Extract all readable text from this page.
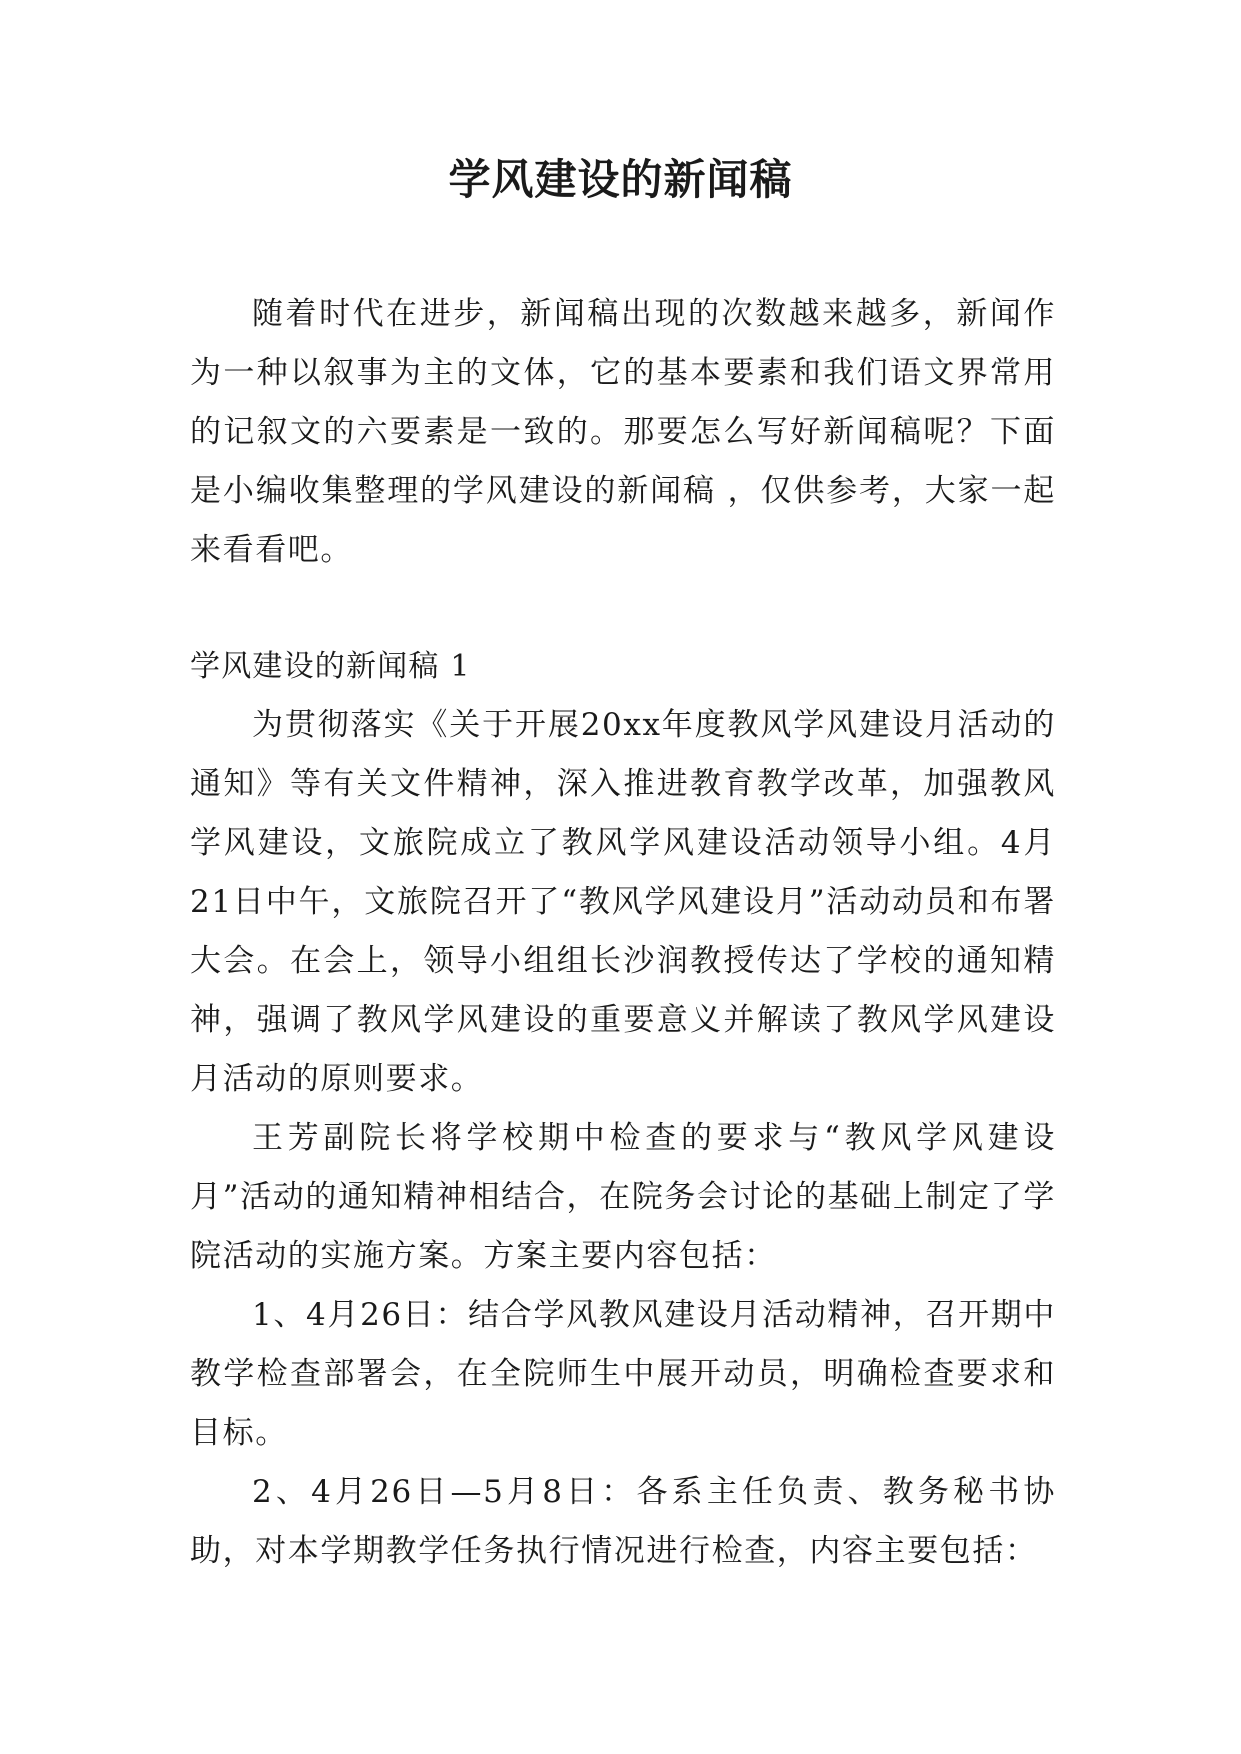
学风建设的新闻稿

随着时代在进步，新闻稿出现的次数越来越多，新闻作为一种以叙事为主的文体，它的基本要素和我们语文界常用的记叙文的六要素是一致的。那要怎么写好新闻稿呢？下面是小编收集整理的学风建设的新闻稿 ，仅供参考，大家一起来看看吧。

学风建设的新闻稿 1

为贯彻落实《关于开展20xx年度教风学风建设月活动的通知》等有关文件精神，深入推进教育教学改革，加强教风学风建设，文旅院成立了教风学风建设活动领导小组。4月21日中午，文旅院召开了“教风学风建设月”活动动员和布署大会。在会上，领导小组组长沙润教授传达了学校的通知精神，强调了教风学风建设的重要意义并解读了教风学风建设月活动的原则要求。

王芳副院长将学校期中检查的要求与“教风学风建设月”活动的通知精神相结合，在院务会讨论的基础上制定了学院活动的实施方案。方案主要内容包括：

1、4月26日：结合学风教风建设月活动精神，召开期中教学检查部署会，在全院师生中展开动员，明确检查要求和目标。

2、4月26日—5月8日：各系主任负责、教务秘书协助，对本学期教学任务执行情况进行检查，内容主要包括：
